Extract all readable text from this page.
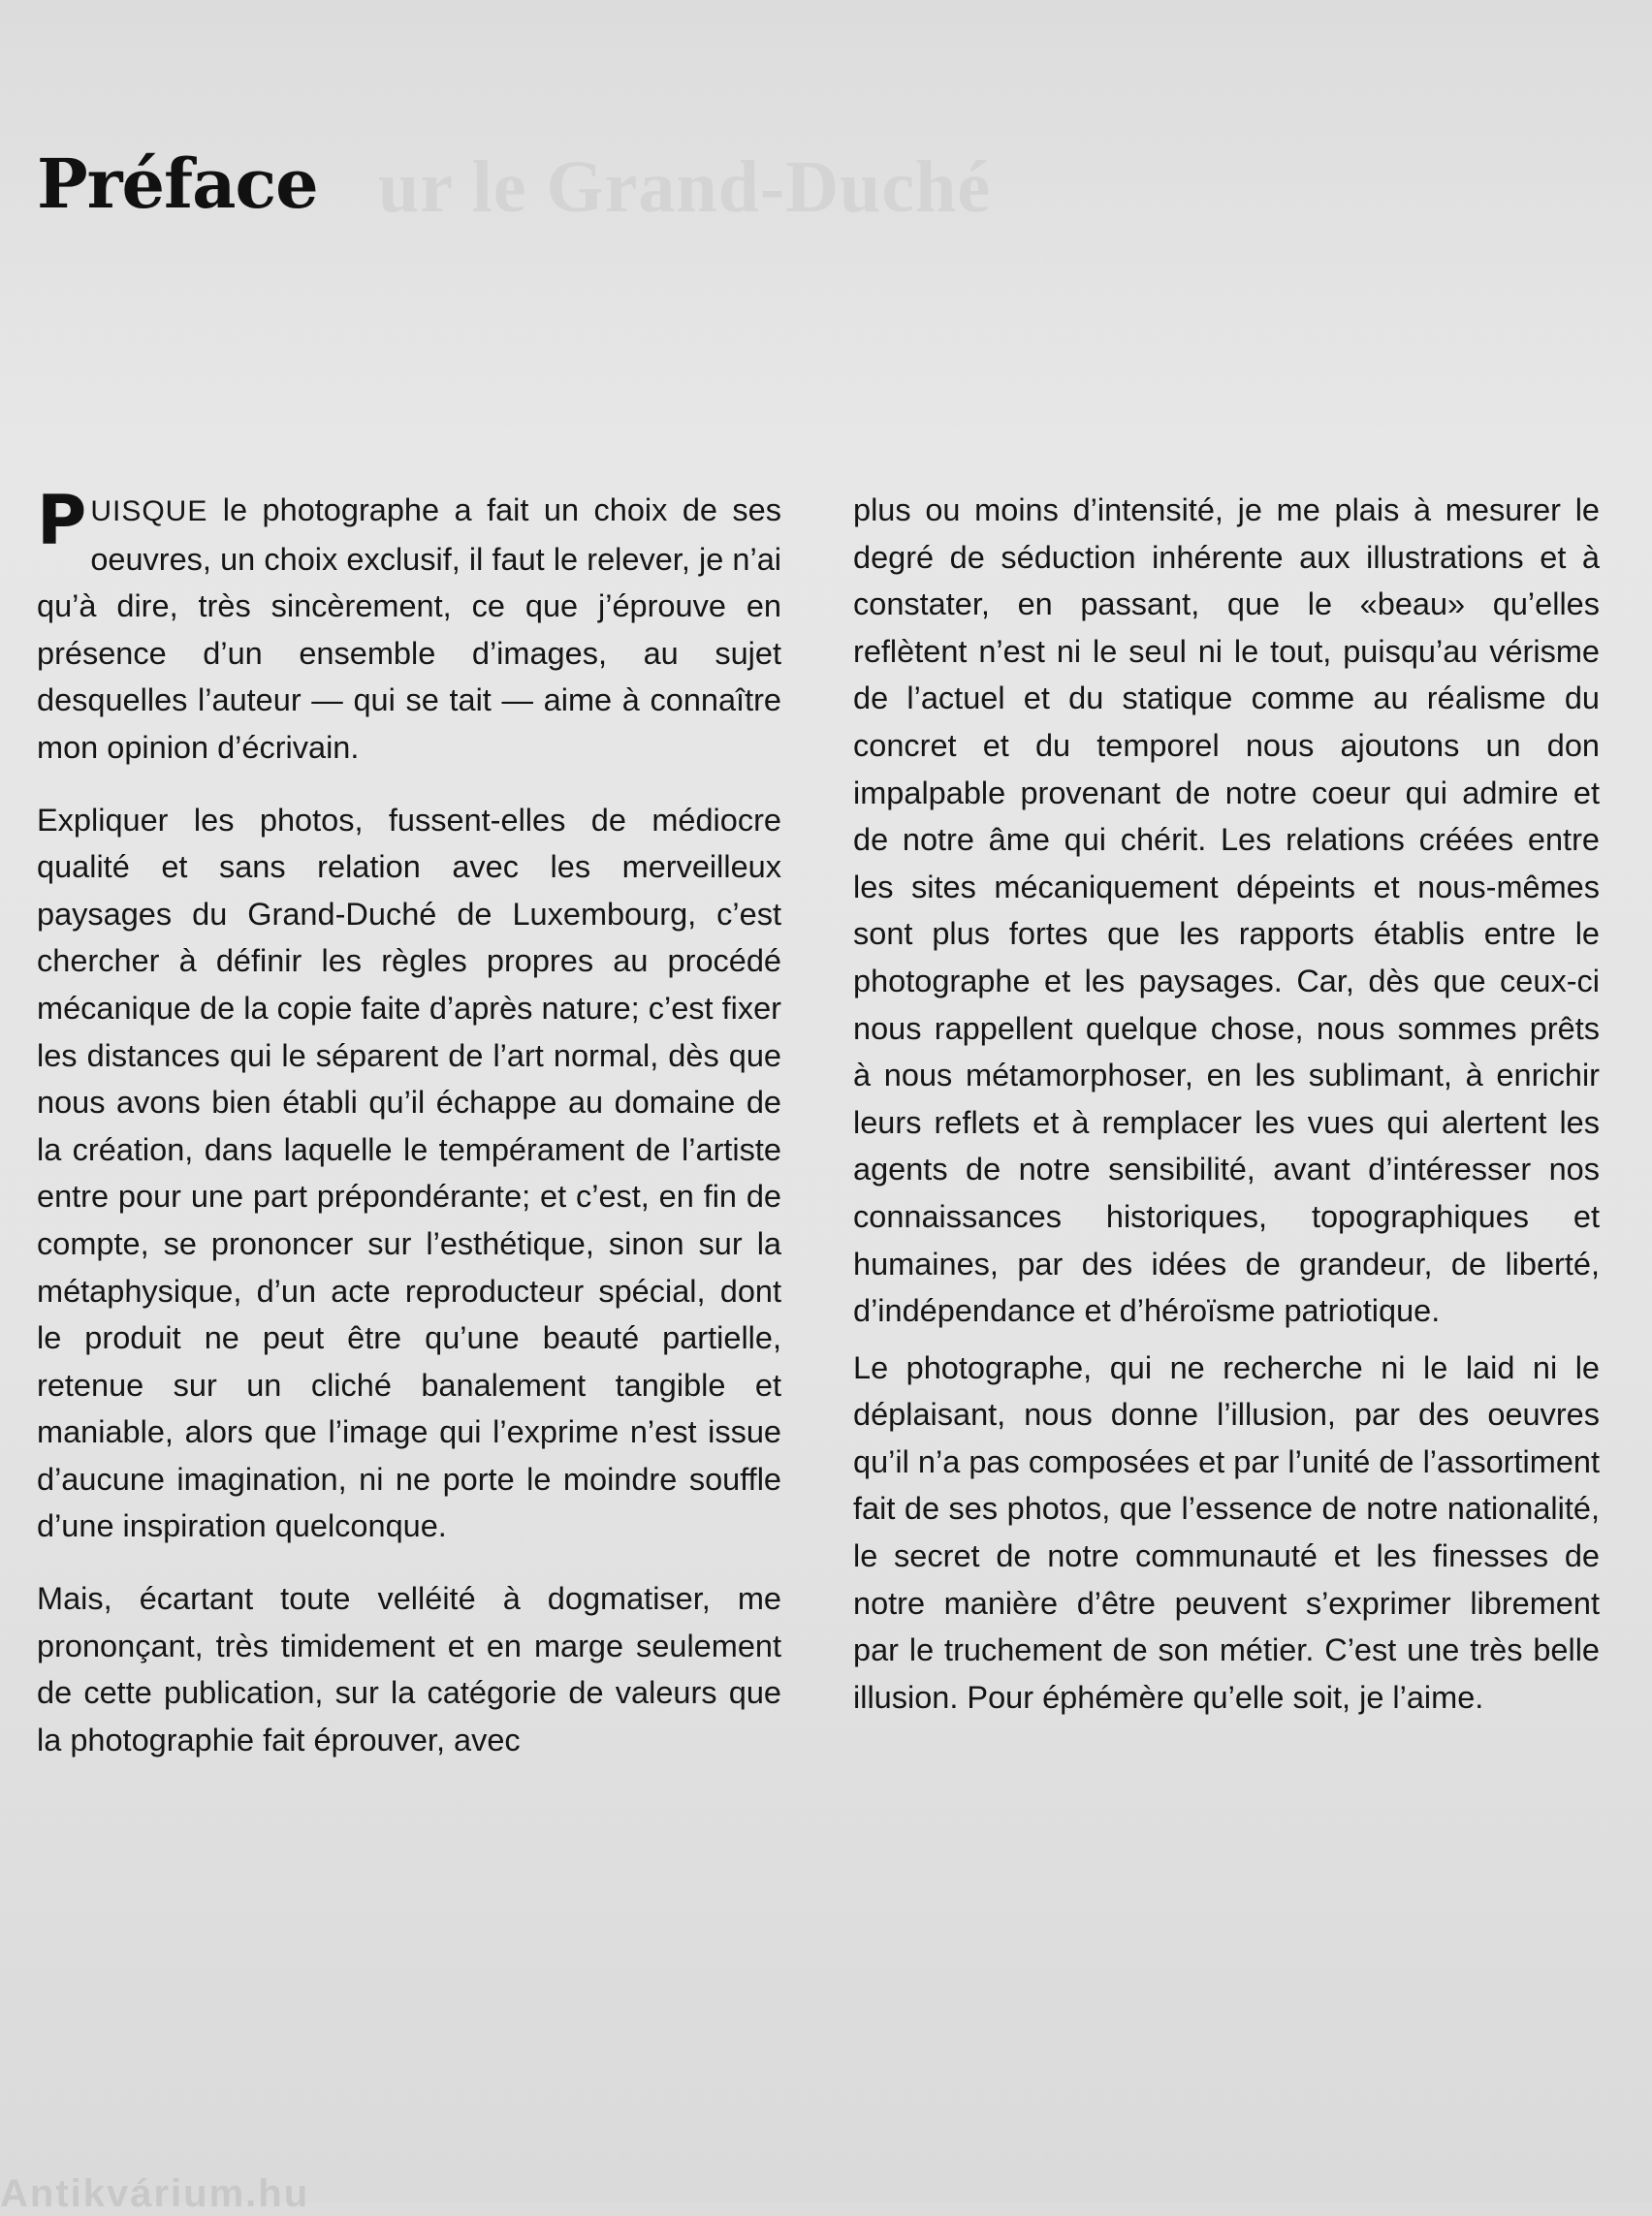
ur le Grand-Duché
Préface

PUISQUE le photographe a fait un choix de ses oeuvres, un choix exclusif, il faut le relever, je n’ai qu’à dire, très sincèrement, ce que j’éprouve en présence d’un ensemble d’images, au sujet desquelles l’auteur — qui se tait — aime à connaître mon opinion d’écrivain.

Expliquer les photos, fussent-elles de médiocre qualité et sans relation avec les merveilleux paysages du Grand-Duché de Luxembourg, c’est chercher à définir les règles propres au procédé mécanique de la copie faite d’après nature; c’est fixer les distances qui le séparent de l’art normal, dès que nous avons bien établi qu’il échappe au domaine de la création, dans laquelle le tempérament de l’artiste entre pour une part prépondérante; et c’est, en fin de compte, se prononcer sur l’esthétique, sinon sur la métaphysique, d’un acte reproducteur spécial, dont le produit ne peut être qu’une beauté partielle, retenue sur un cliché banalement tangible et maniable, alors que l’image qui l’exprime n’est issue d’aucune imagination, ni ne porte le moindre souffle d’une inspiration quelconque.

Mais, écartant toute velléité à dogmatiser, me prononçant, très timidement et en marge seulement de cette publication, sur la catégorie de valeurs que la photographie fait éprouver, avec

plus ou moins d’intensité, je me plais à mesurer le degré de séduction inhérente aux illustrations et à constater, en passant, que le «beau» qu’elles reflètent n’est ni le seul ni le tout, puisqu’au vérisme de l’actuel et du statique comme au réalisme du concret et du temporel nous ajoutons un don impalpable provenant de notre coeur qui admire et de notre âme qui chérit. Les relations créées entre les sites mécaniquement dépeints et nous-mêmes sont plus fortes que les rapports établis entre le photographe et les paysages. Car, dès que ceux-ci nous rappellent quelque chose, nous sommes prêts à nous métamorphoser, en les sublimant, à enrichir leurs reflets et à remplacer les vues qui alertent les agents de notre sensibilité, avant d’intéresser nos connaissances historiques, topographiques et humaines, par des idées de grandeur, de liberté, d’indépendance et d’héroïsme patriotique.

Le photographe, qui ne recherche ni le laid ni le déplaisant, nous donne l’illusion, par des oeuvres qu’il n’a pas composées et par l’unité de l’assortiment fait de ses photos, que l’essence de notre nationalité, le secret de notre communauté et les finesses de notre manière d’être peuvent s’exprimer librement par le truchement de son métier. C’est une très belle illusion. Pour éphémère qu’elle soit, je l’aime.

Antikvárium.hu
